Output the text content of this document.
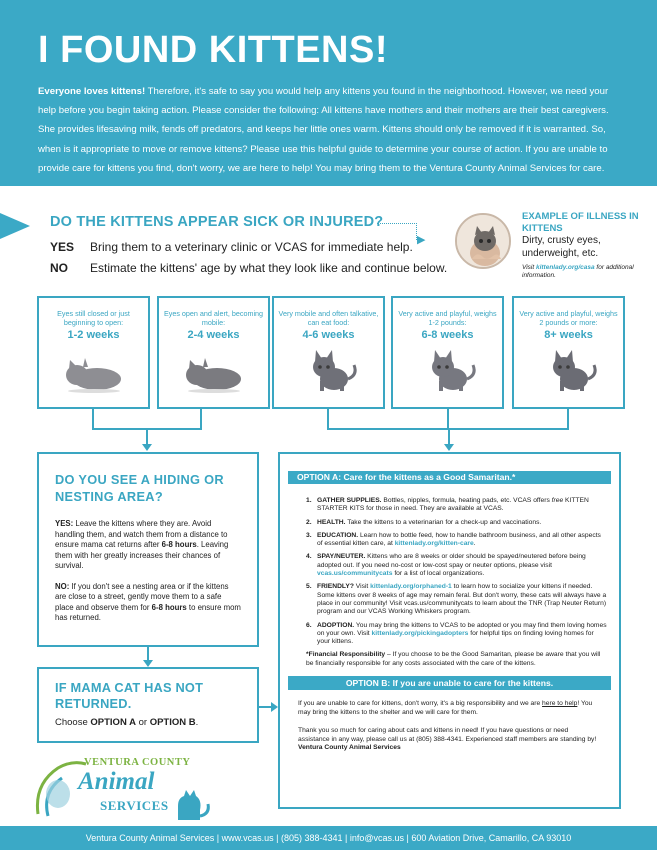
I FOUND KITTENS!

Everyone loves kittens! Therefore, it's safe to say you would help any kittens you found in the neighborhood. However, we need your help before you begin taking action. Please consider the following: All kittens have mothers and their mothers are their best caregivers. She provides lifesaving milk, fends off predators, and keeps her little ones warm. Kittens should only be removed if it is warranted. So, when is it appropriate to move or remove kittens? Please use this helpful guide to determine your course of action. If you are unable to provide care for kittens you find, don't worry, we are here to help! You may bring them to the Ventura County Animal Services for care.

DO THE KITTENS APPEAR SICK OR INJURED?
▶
YES Bring them to a veterinary clinic or VCAS for immediate help.
NO Estimate the kittens' age by what they look like and continue below.
EXAMPLE OF ILLNESS IN KITTENS
Dirty, crusty eyes, underweight, etc.
Visit kittenlady.org/casa for additional information.
Eyes still closed or just beginning to open:
1-2 weeks
Eyes open and alert, becoming mobile:
2-4 weeks
Very mobile and often talkative, can eat food:
4-6 weeks
Very active and playful, weighs 1-2 pounds:
6-8 weeks
Very active and playful, weighs 2 pounds or more:
8+ weeks
DO YOU SEE A HIDING OR NESTING AREA?

YES: Leave the kittens where they are. Avoid handling them, and watch them from a distance to ensure mama cat returns after 6-8 hours. Leaving them with her greatly increases their chances of survival.

NO: If you don't see a nesting area or if the kittens are close to a street, gently move them to a safe place and observe them for 6-8 hours to ensure mom has returned.

IF MAMA CAT HAS NOT RETURNED.

Choose OPTION A or OPTION B.

OPTION A: Care for the kittens as a Good Samaritan.*
1. GATHER SUPPLIES. Bottles, nipples, formula, heating pads, etc. VCAS offers free KITTEN STARTER KITS for those in need. They are available at VCAS.
2. HEALTH. Take the kittens to a veterinarian for a check-up and vaccinations.
3. EDUCATION. Learn how to bottle feed, how to handle bathroom business, and all other aspects of essential kitten care, at kittenlady.org/kitten-care.
4. SPAY/NEUTER. Kittens who are 8 weeks or older should be spayed/neutered before being adopted out. If you need no-cost or low-cost spay or neuter options, please visit vcas.us/communitycats for a list of local organizations.
5. FRIENDLY? Visit kittenlady.org/orphaned-1 to learn how to socialize your kittens if needed. Some kittens over 8 weeks of age may remain feral. But don't worry, these cats will always have a place in our community! Visit vcas.us/communitycats to learn about the TNR (Trap Neuter Return) program and our VCAS Working Whiskers program.
6. ADOPTION. You may bring the kittens to VCAS to be adopted or you may find them loving homes on your own. Visit kittenlady.org/pickingadopters for helpful tips on finding loving homes for your kittens.
*Financial Responsibility – If you choose to be the Good Samaritan, please be aware that you will be financially responsible for any costs associated with the care of the kittens.
OPTION B: If you are unable to care for the kittens.
If you are unable to care for kittens, don't worry, it's a big responsibility and we are here to help! You may bring the kittens to the shelter and we will care for them.
Thank you so much for caring about cats and kittens in need! If you have questions or need assistance in any way, please call us at (805) 388-4341. Experienced staff members are standing by! Ventura County Animal Services
VENTURA COUNTY
Animal
SERVICES
Ventura County Animal Services | www.vcas.us | (805) 388-4341 | info@vcas.us | 600 Aviation Drive, Camarillo, CA 93010
